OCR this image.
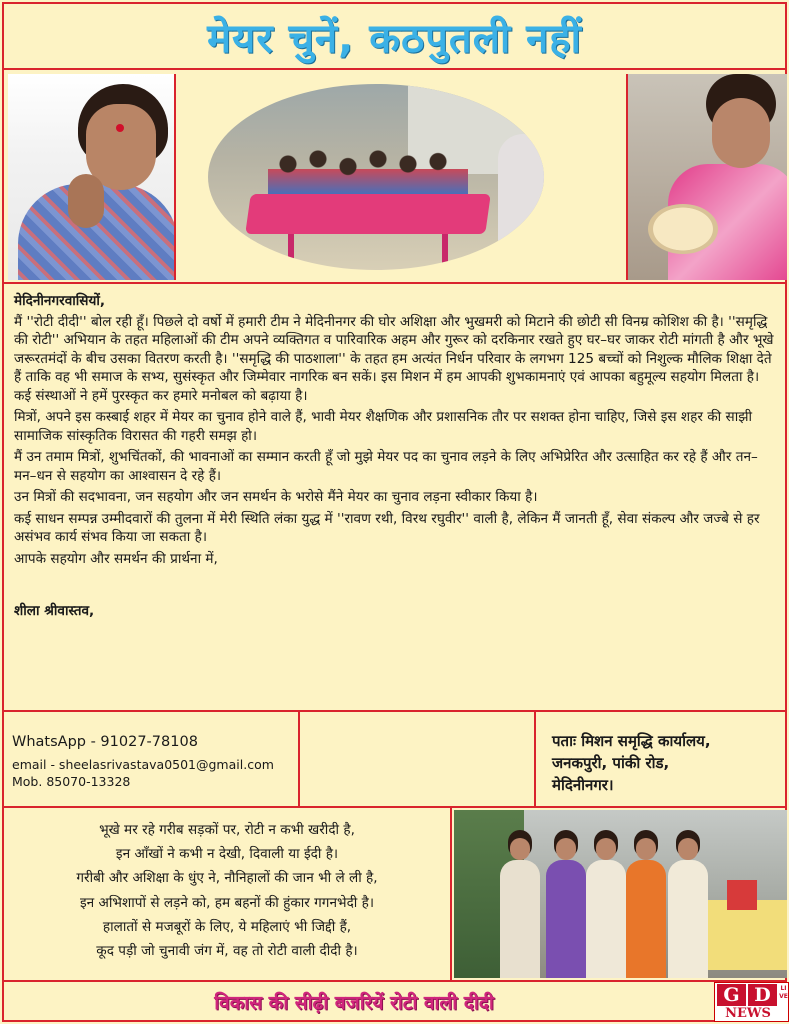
मेयर चुनें, कठपुतली नहीं
मेदिनीनगरवासियों,
मैं ''रोटी दीदी'' बोल रही हूँ। पिछले दो वर्षो में हमारी टीम ने मेदिनीनगर की घोर अशिक्षा और भुखमरी को मिटाने की छोटी सी विनम्र कोशिश की है। ''समृद्धि की रोटी'' अभियान के तहत महिलाओं की टीम अपने व्यक्तिगत व पारिवारिक अहम और गुरूर को दरकिनार रखते हुए घर–घर जाकर रोटी मांगती है और भूखे जरूरतमंदों के बीच उसका वितरण करती है। ''समृद्धि की पाठशाला'' के तहत हम अत्यंत निर्धन परिवार के लगभग 125 बच्चों को निशुल्क मौलिक शिक्षा देते हैं ताकि वह भी समाज के सभ्य, सुसंस्कृत और जिम्मेवार नागरिक बन सकें। इस मिशन में हम आपकी शुभकामनाएं एवं आपका बहुमूल्य सहयोग मिलता है। कई संस्थाओं ने हमें पुरस्कृत कर हमारे मनोबल को बढ़ाया है।
मित्रों, अपने इस कस्बाई शहर में मेयर का चुनाव होने वाले हैं, भावी मेयर शैक्षणिक और प्रशासनिक तौर पर सशक्त होना चाहिए, जिसे इस शहर की साझी सामाजिक सांस्कृतिक विरासत की गहरी समझ हो।
मैं उन तमाम मित्रों, शुभचिंतकों, की भावनाओं का सम्मान करती हूँ जो मुझे मेयर पद का चुनाव लड़ने के लिए अभिप्रेरित और उत्साहित कर रहे हैं और तन–मन–धन से सहयोग का आश्वासन दे रहे हैं।
उन मित्रों की सदभावना, जन सहयोग और जन समर्थन के भरोसे मैंने मेयर का चुनाव लड़ना स्वीकार किया है।
कई साधन सम्पन्न उम्मीदवारों की तुलना में मेरी स्थिति लंका युद्ध में ''रावण रथी, विरथ रघुवीर'' वाली है, लेकिन मैं जानती हूँ, सेवा संकल्प और जज्बे से हर असंभव कार्य संभव किया जा सकता है।
आपके सहयोग और समर्थन की प्रार्थना में,
शीला श्रीवास्तव,
WhatsApp - 91027-78108
email - sheelasrivastava0501@gmail.com
Mob. 85070-13328
पताः मिशन समृद्धि कार्यालय,
जनकपुरी, पांकी रोड,
मेदिनीनगर।
भूखे मर रहे गरीब सड़कों पर, रोटी न कभी खरीदी है,
इन आँखों ने कभी न देखी, दिवाली या ईदी है।
गरीबी और अशिक्षा के धुंए ने, नौनिहालों की जान भी ले ली है,
इन अभिशापों से लड़ने को, हम बहनों की हुंकार गगनभेदी है।
हालातों से मजबूरों के लिए, ये महिलाएं भी जिद्दी हैं,
कूद पड़ी जो चुनावी जंग में, वह तो रोटी वाली दीदी है।
विकास की सीढ़ी बजरियें रोटी वाली दीदी	G D
NEWS
LIVE
